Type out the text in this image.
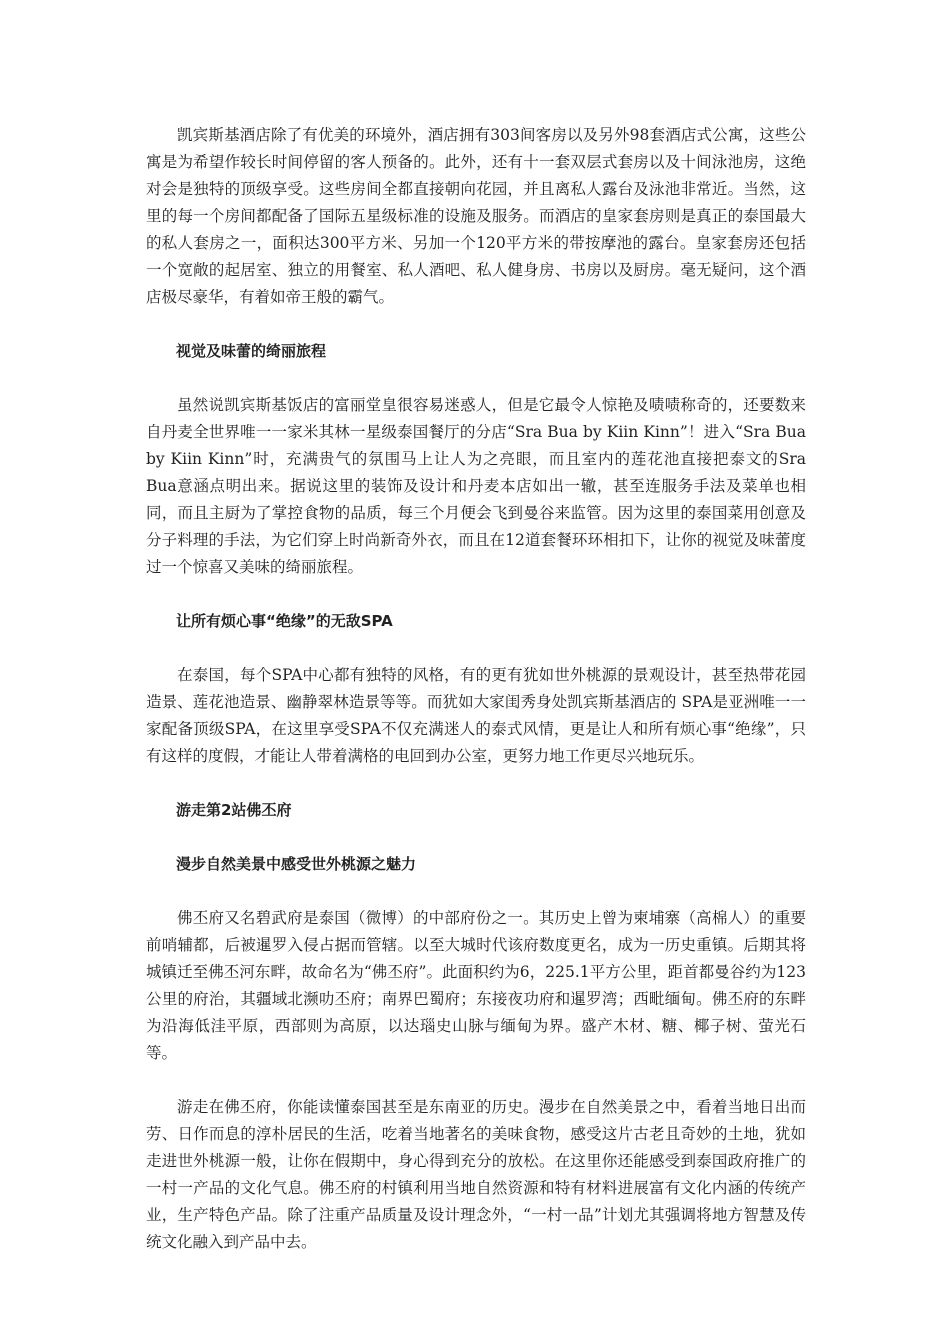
凯宾斯基酒店除了有优美的环境外，酒店拥有303间客房以及另外98套酒店式公寓，这些公寓是为希望作较长时间停留的客人预备的。此外，还有十一套双层式套房以及十间泳池房，这绝对会是独特的顶级享受。这些房间全都直接朝向花园，并且离私人露台及泳池非常近。当然，这里的每一个房间都配备了国际五星级标准的设施及服务。而酒店的皇家套房则是真正的泰国最大的私人套房之一，面积达300平方米、另加一个120平方米的带按摩池的露台。皇家套房还包括一个宽敞的起居室、独立的用餐室、私人酒吧、私人健身房、书房以及厨房。毫无疑问，这个酒店极尽豪华，有着如帝王般的霸气。

视觉及味蕾的绮丽旅程

虽然说凯宾斯基饭店的富丽堂皇很容易迷惑人，但是它最令人惊艳及啧啧称奇的，还要数来自丹麦全世界唯一一家米其林一星级泰国餐厅的分店“Sra Bua by Kiin Kinn”！进入“Sra Bua by Kiin Kinn”时，充满贵气的氛围马上让人为之亮眼，而且室内的莲花池直接把泰文的Sra Bua意涵点明出来。据说这里的装饰及设计和丹麦本店如出一辙，甚至连服务手法及菜单也相同，而且主厨为了掌控食物的品质，每三个月便会飞到曼谷来监管。因为这里的泰国菜用创意及分子料理的手法，为它们穿上时尚新奇外衣，而且在12道套餐环环相扣下，让你的视觉及味蕾度过一个惊喜又美味的绮丽旅程。

让所有烦心事“绝缘”的无敌SPA

在泰国，每个SPA中心都有独特的风格，有的更有犹如世外桃源的景观设计，甚至热带花园造景、莲花池造景、幽静翠林造景等等。而犹如大家闺秀身处凯宾斯基酒店的 SPA是亚洲唯一一家配备顶级SPA，在这里享受SPA不仅充满迷人的泰式风情，更是让人和所有烦心事“绝缘”，只有这样的度假，才能让人带着满格的电回到办公室，更努力地工作更尽兴地玩乐。

游走第2站佛丕府

漫步自然美景中感受世外桃源之魅力

佛丕府又名碧武府是泰国（微博）的中部府份之一。其历史上曾为柬埔寨（高棉人）的重要前哨辅都，后被暹罗入侵占据而管辖。以至大城时代该府数度更名，成为一历史重镇。后期其将城镇迁至佛丕河东畔，故命名为“佛丕府”。此面积约为6，225.1平方公里，距首都曼谷约为123公里的府治，其疆域北濒叻丕府；南界巴蜀府；东接夜功府和暹罗湾；西毗缅甸。佛丕府的东畔为沿海低洼平原，西部则为高原，以达瑙史山脉与缅甸为界。盛产木材、糖、椰子树、萤光石等。

游走在佛丕府，你能读懂泰国甚至是东南亚的历史。漫步在自然美景之中，看着当地日出而劳、日作而息的淳朴居民的生活，吃着当地著名的美味食物，感受这片古老且奇妙的土地，犹如走进世外桃源一般，让你在假期中，身心得到充分的放松。在这里你还能感受到泰国政府推广的一村一产品的文化气息。佛丕府的村镇利用当地自然资源和特有材料进展富有文化内涵的传统产业，生产特色产品。除了注重产品质量及设计理念外，“一村一品”计划尤其强调将地方智慧及传统文化融入到产品中去。
